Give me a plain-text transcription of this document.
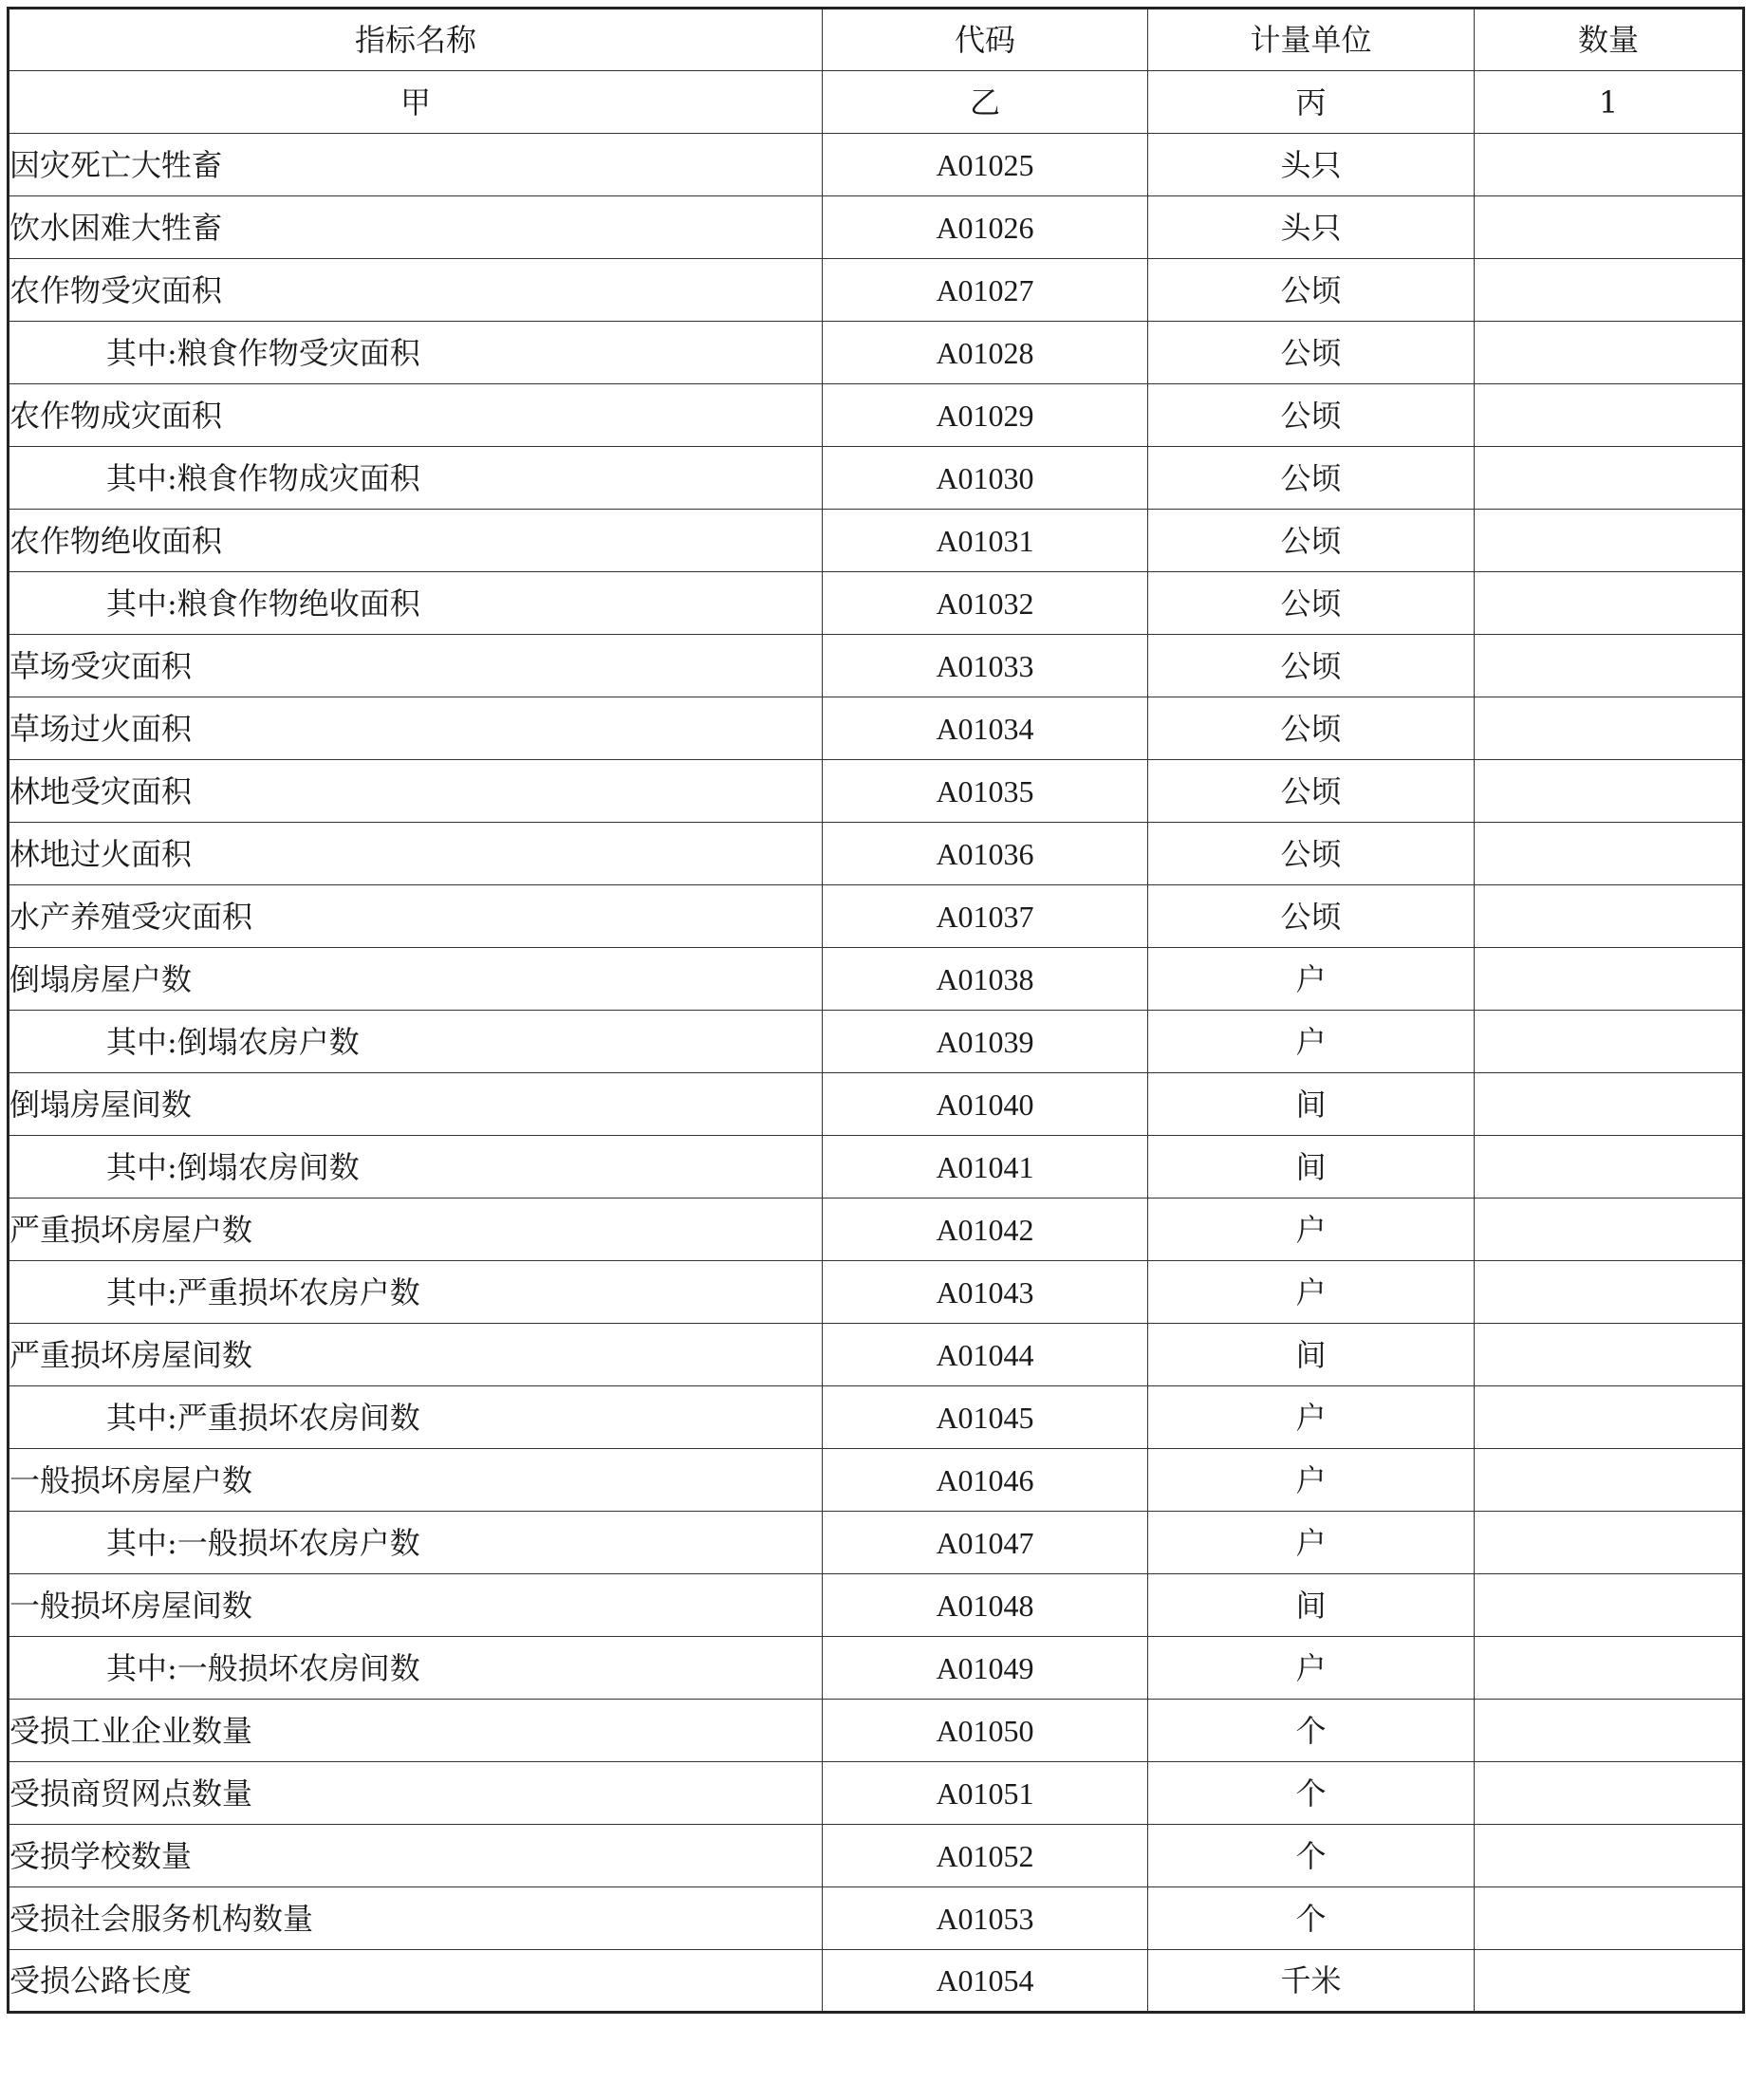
指标名称	代码	计量单位	数量
甲	乙	丙	1
因灾死亡大牲畜	A01025	头只	
饮水困难大牲畜	A01026	头只	
农作物受灾面积	A01027	公顷	
其中:粮食作物受灾面积	A01028	公顷	
农作物成灾面积	A01029	公顷	
其中:粮食作物成灾面积	A01030	公顷	
农作物绝收面积	A01031	公顷	
其中:粮食作物绝收面积	A01032	公顷	
草场受灾面积	A01033	公顷	
草场过火面积	A01034	公顷	
林地受灾面积	A01035	公顷	
林地过火面积	A01036	公顷	
水产养殖受灾面积	A01037	公顷	
倒塌房屋户数	A01038	户	
其中:倒塌农房户数	A01039	户	
倒塌房屋间数	A01040	间	
其中:倒塌农房间数	A01041	间	
严重损坏房屋户数	A01042	户	
其中:严重损坏农房户数	A01043	户	
严重损坏房屋间数	A01044	间	
其中:严重损坏农房间数	A01045	户	
一般损坏房屋户数	A01046	户	
其中:一般损坏农房户数	A01047	户	
一般损坏房屋间数	A01048	间	
其中:一般损坏农房间数	A01049	户	
受损工业企业数量	A01050	个	
受损商贸网点数量	A01051	个	
受损学校数量	A01052	个	
受损社会服务机构数量	A01053	个	
受损公路长度	A01054	千米	
